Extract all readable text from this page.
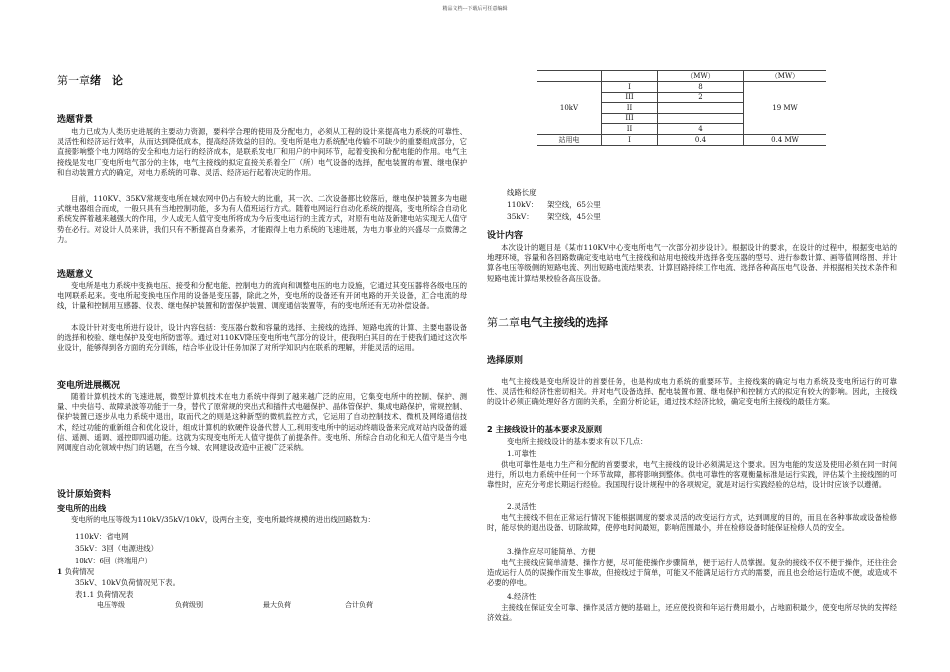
精品文档---下载后可任意编辑
第一章绪　论
选题背景

电力已成为人类历史进展的主要动力资源，要科学合理的使用及分配电力，必须从工程的设计来提高电力系统的可靠性、灵活性和经济运行效率，从而达到降低成本，提高经济效益的目的。变电所是电力系统配电传输不可缺少的重要组成部分，它直接影响整个电力网络的安全和电力运行的经济成本，是联系发电厂和用户的中间环节，起着变换和分配电能的作用。电气主接线是发电厂变电所电气部分的主体，电气主接线的拟定直接关系着全厂（所）电气设备的选择，配电装置的布置、继电保护和自动装置方式的确定，对电力系统的可靠、灵活、经济运行起着决定的作用。

目前，110KV、35KV常规变电所在城农网中仍占有较大的比重，其一次、二次设备都比较落后，继电保护装置多为电磁式继电器组合而成，一般只具有当地控制功能，多为有人值班运行方式。随着电网运行自动化系统的提高，变电所综合自动化系统发挥着越来越强大的作用，少人或无人值守变电所将成为今后变电运行的主流方式，对原有电站及新建电站实现无人值守势在必行。对设计人员来讲，我们只有不断提高自身素养，才能跟得上电力系统的飞速进展，为电力事业的兴盛尽一点微薄之力。

选题意义

变电所是电力系统中变换电压、接受和分配电能、控制电力的流向和调整电压的电力设施，它通过其变压器将各级电压的电网联系起来。变电所起变换电压作用的设备是变压器，除此之外，变电所的设备还有开闭电路的开关设备，汇合电流的母线，计量和控制用互感器、仪表、继电保护装置和防雷保护装置、调度通信装置等，有的变电所还有无功补偿设备。

本设计针对变电所进行设计，设计内容包括：变压器台数和容量的选择、主接线的选择、短路电流的计算、主要电器设备的选择和校验、继电保护及变电所防雷等。通过对110KV降压变电所电气部分的设计，使我明白其目的在于使我们通过这次毕业设计，能够得到各方面的充分训练，结合毕业设计任务加深了对所学知识内在联系的理解，并能灵活的运用。

变电所进展概况

随着计算机技术的飞速进展，微型计算机技术在电力系统中得到了越来越广泛的应用，它集变电所中的控制、保护、测量、中央信号、故障录波等功能于一身，替代了原常规的突出式和插件式电磁保护、晶体管保护、集成电路保护，常规控制、保护装置已逐步从电力系统中退出，取而代之的则是这种新型的微机监控方式，它运用了自动控制技术、微机及网络通信技术，经过功能的重新组合和优化设计，组成计算机的软硬件设备代替人工,利用变电所中的运动终端设备来完成对站内设备的遥信、遥测、遥调、遥控即四遥功能。这就为实现变电所无人值守提供了前提条件。变电所、所综合自动化和无人值守是当今电网调度自动化领域中热门的话题，在当今城、农网建设改造中正被广泛采纳。

设计原始资料
变电所的出线

变电所的电压等级为110kV/35kV/10kV，设两台主变，变电所最终规模的进出线回路数为：

110kV：省电网
35kV：3回（电源进线）
10kV：6回（终端用户）
1 负荷情况
35kV、10kV负荷情况见下表。
表1.1 负荷情况表
电压等级	负荷级别	最大负荷	合计负荷
		（MW）	（MW）
10kV	I	8	19 MW
	III	2	
	II		
	III		
	II	4	
站用电	I	0.4	0.4 MW
线路长度
110kV： 架空线，65公里
35kV： 架空线，45公里
设计内容

本次设计的题目是《某市110KV中心变电所电气一次部分初步设计》。根据设计的要求，在设计的过程中，根据变电站的地理环境，容量和各回路数确定变电站电气主接线和站用电接线并选择各变压器的型号、进行参数计算、画等值网络图、并计算各电压等级侧的短路电流、列出短路电流结果表、计算回路持续工作电流、选择各种高压电气设备、并根据相关技术条件和短路电流计算结果校验各高压设备。

第二章电气主接线的选择
选择原则

电气主接线是变电所设计的首要任务，也是构成电力系统的重要环节。主接线案的确定与电力系统及变电所运行的可靠性、灵活性和经济性密切相关。并对电气设备选择、配电装置布置、继电保护和控制方式的拟定有较大的影响。因此，主接线的设计必须正确处理好各方面的关系，全面分析论证，通过技术经济比较，确定变电所主接线的最佳方案。

2 主接线设计的基本要求及原则
变电所主接线设计的基本要求有以下几点：
1.可靠性

供电可靠性是电力生产和分配的首要要求，电气主接线的设计必须满足这个要求。因为电能的发送及使用必须在同一时间进行，所以电力系统中任何一个环节故障，都将影响到整体。供电可靠性的客观衡量标准是运行实践，评估某个主接线图的可靠性时，应充分考虑长期运行经验。我国现行设计规程中的各项规定，就是对运行实践经验的总结，设计时应该予以遵循。

2.灵活性

电气主接线不但在正常运行情况下能根据调度的要求灵活的改变运行方式，达到调度的目的，而且在各种事故或设备检修时，能尽快的退出设备、切除故障，使停电时间最短，影响范围最小，并在检修设备时能保证检修人员的安全。

3.操作应尽可能简单、方便

电气主接线应简单清楚、操作方便，尽可能使操作步骤简单，便于运行人员掌握。复杂的接线不仅不便于操作，还往往会造成运行人员的误操作而发生事故，但接线过于简单，可能又不能满足运行方式的需要，而且也会给运行造成不便，或造成不必要的停电。

4.经济性

主接线在保证安全可靠、操作灵活方便的基础上，还应使投资和年运行费用最小，占地面积最少，使变电所尽快的发挥经济效益。
